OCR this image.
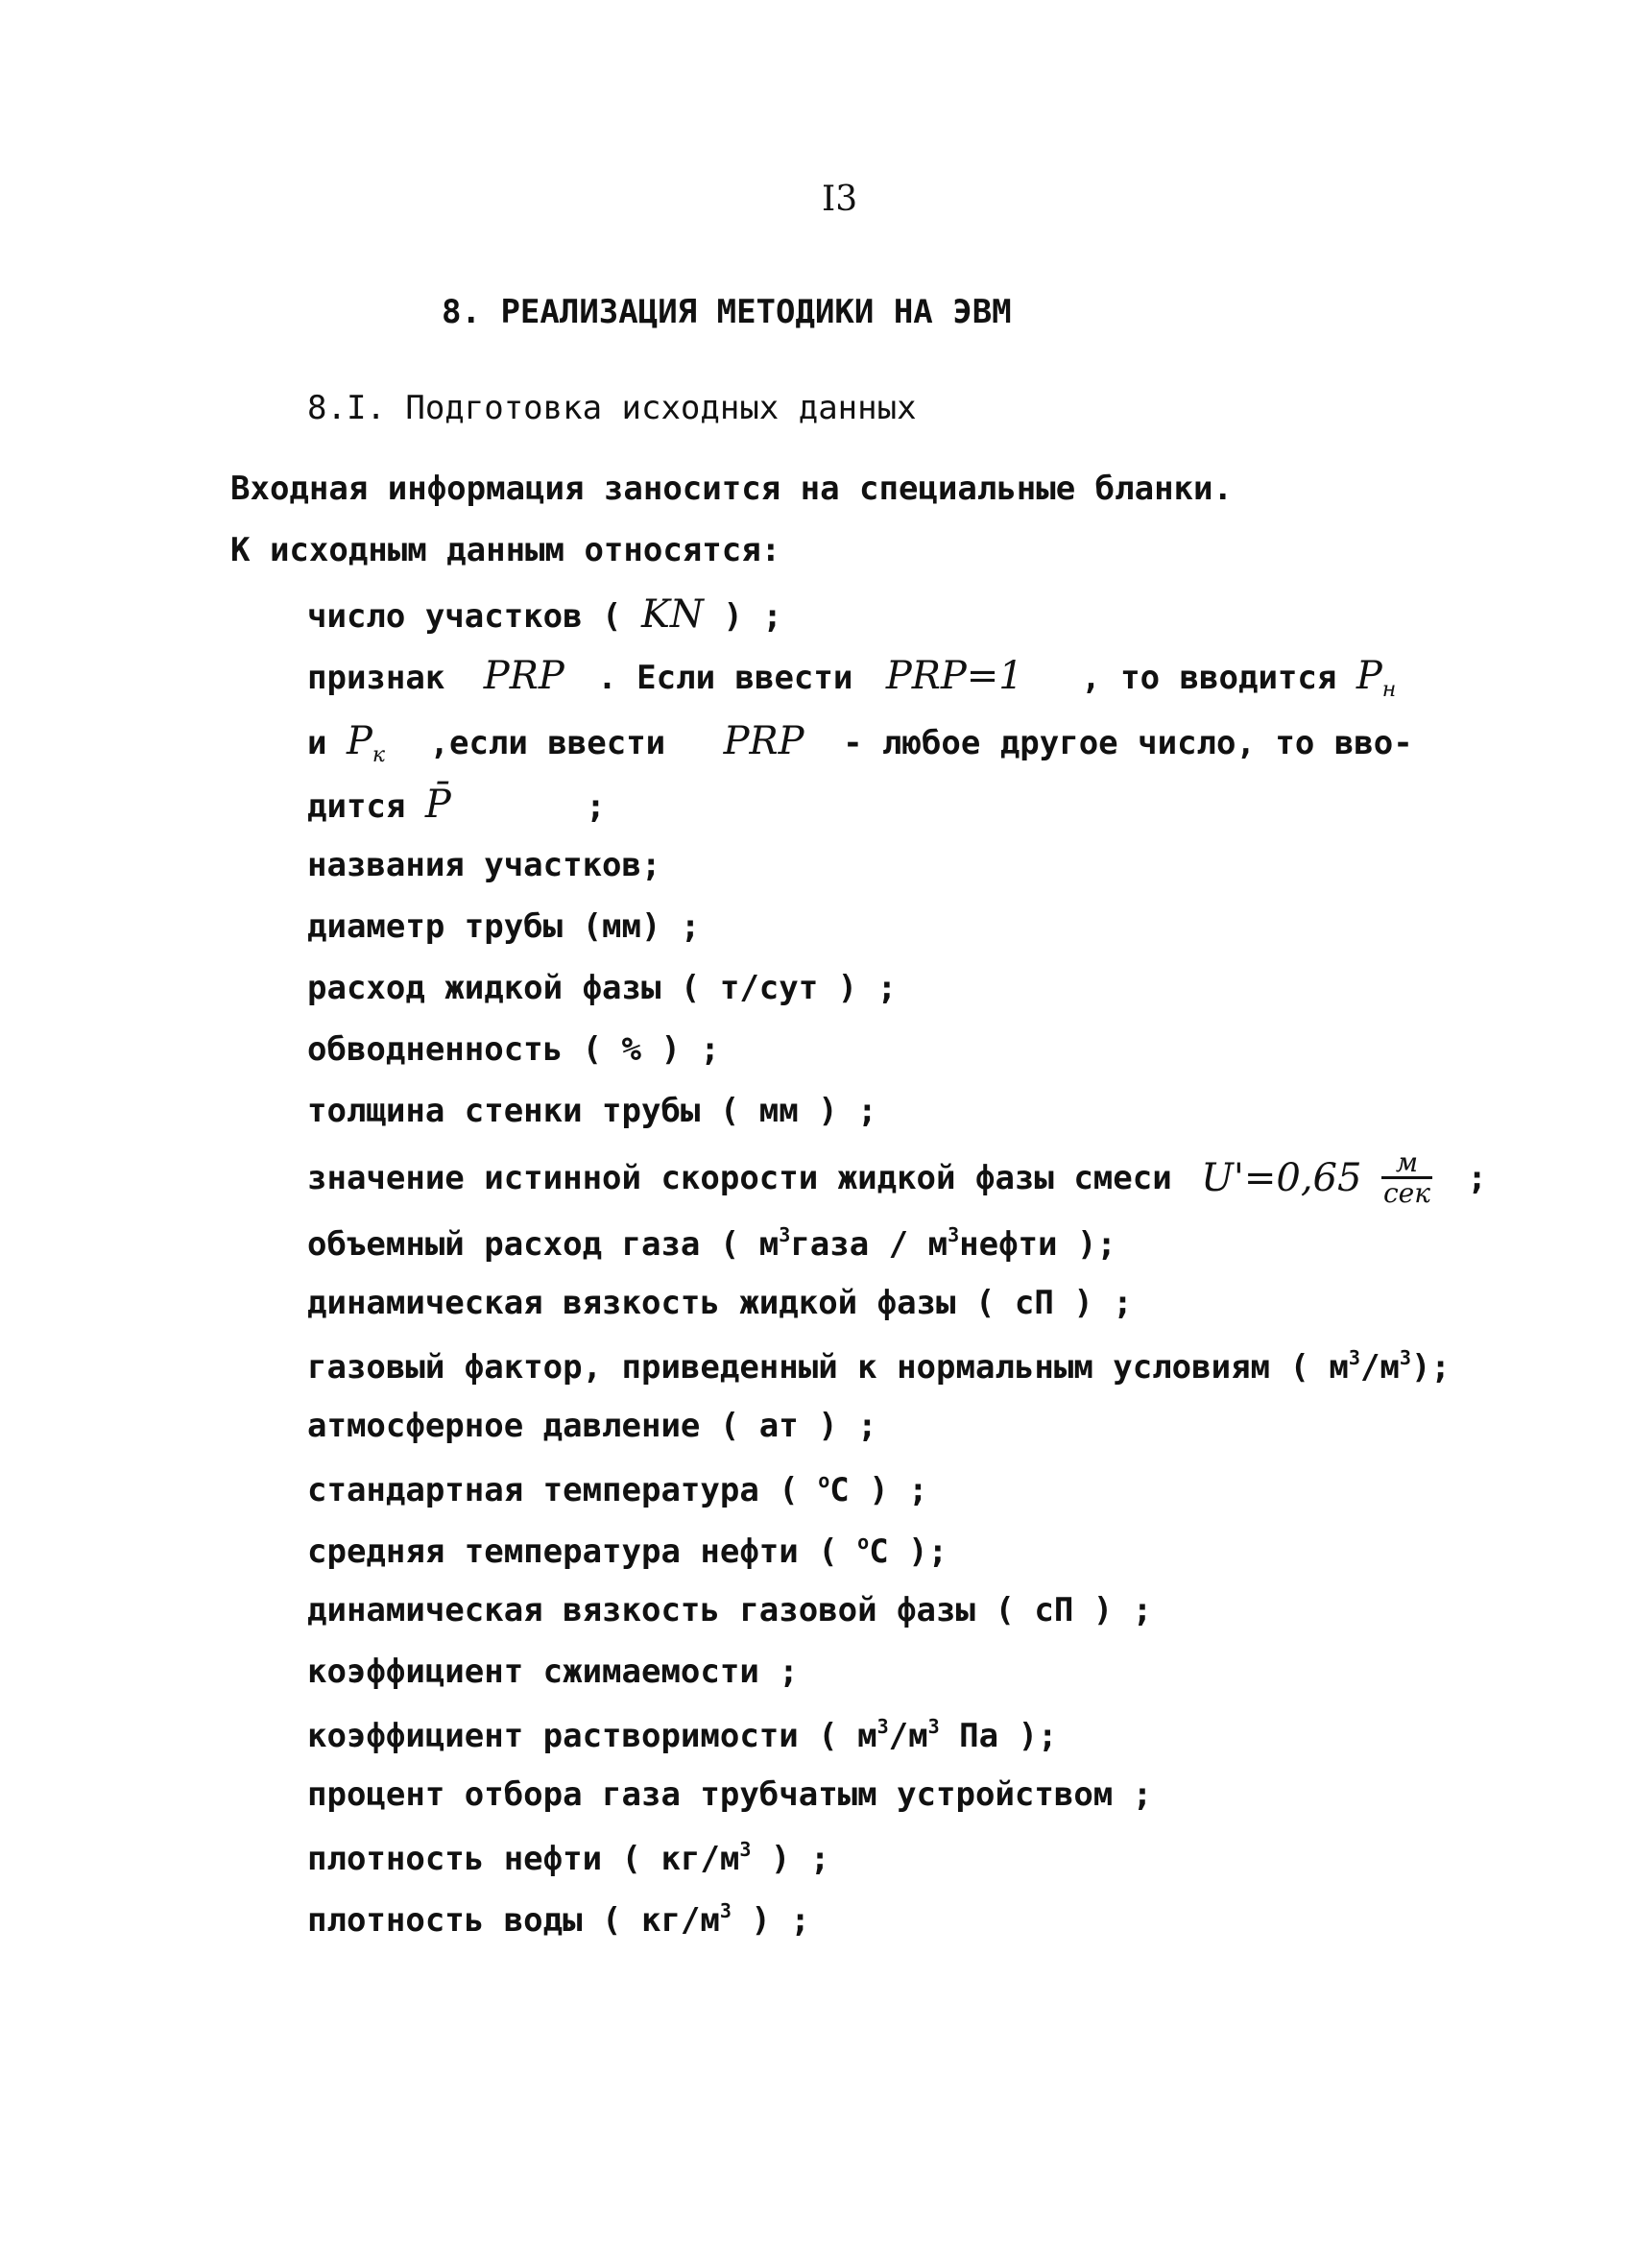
I3
8. РЕАЛИЗАЦИЯ МЕТОДИКИ НА ЭВМ
8.I. Подготовка исходных данных
Входная информация заносится на специальные бланки.
К исходным данным относятся:
число участков ( KN ) ;
признак PRP . Если ввести PRP=1 , то вводится $P_н$
и $P_к$ ,если ввести PRP - любое другое число, то вво-
дится P̄	;
названия участков;
диаметр трубы (мм) ;
расход жидкой фазы ( т/сут ) ;
обводненность ( % ) ;
толщина стенки трубы ( мм ) ;
значение истинной скорости жидкой фазы смеси $U'=0,65 \frac{м}{\text{сек}}$ ;
объемный расход газа ( $м^3газа$ / $м^3нефти$ );
динамическая вязкость жидкой фазы ( сП ) ;
газовый фактор, приведенный к нормальным условиям ( $м^3/м^3$);
атмосферное давление ( ат ) ;
стандартная температура ( $^о$С ) ;
средняя температура нефти ( $^о$С );
динамическая вязкость газовой фазы ( сП ) ;
коэффициент сжимаемости ;
коэффициент растворимости ( $м^3/м^3$ Па );
процент отбора газа трубчатым устройством ;
плотность нефти ( $кг/м^3$ ) ;
плотность воды ( $кг/м^3$ ) ;
